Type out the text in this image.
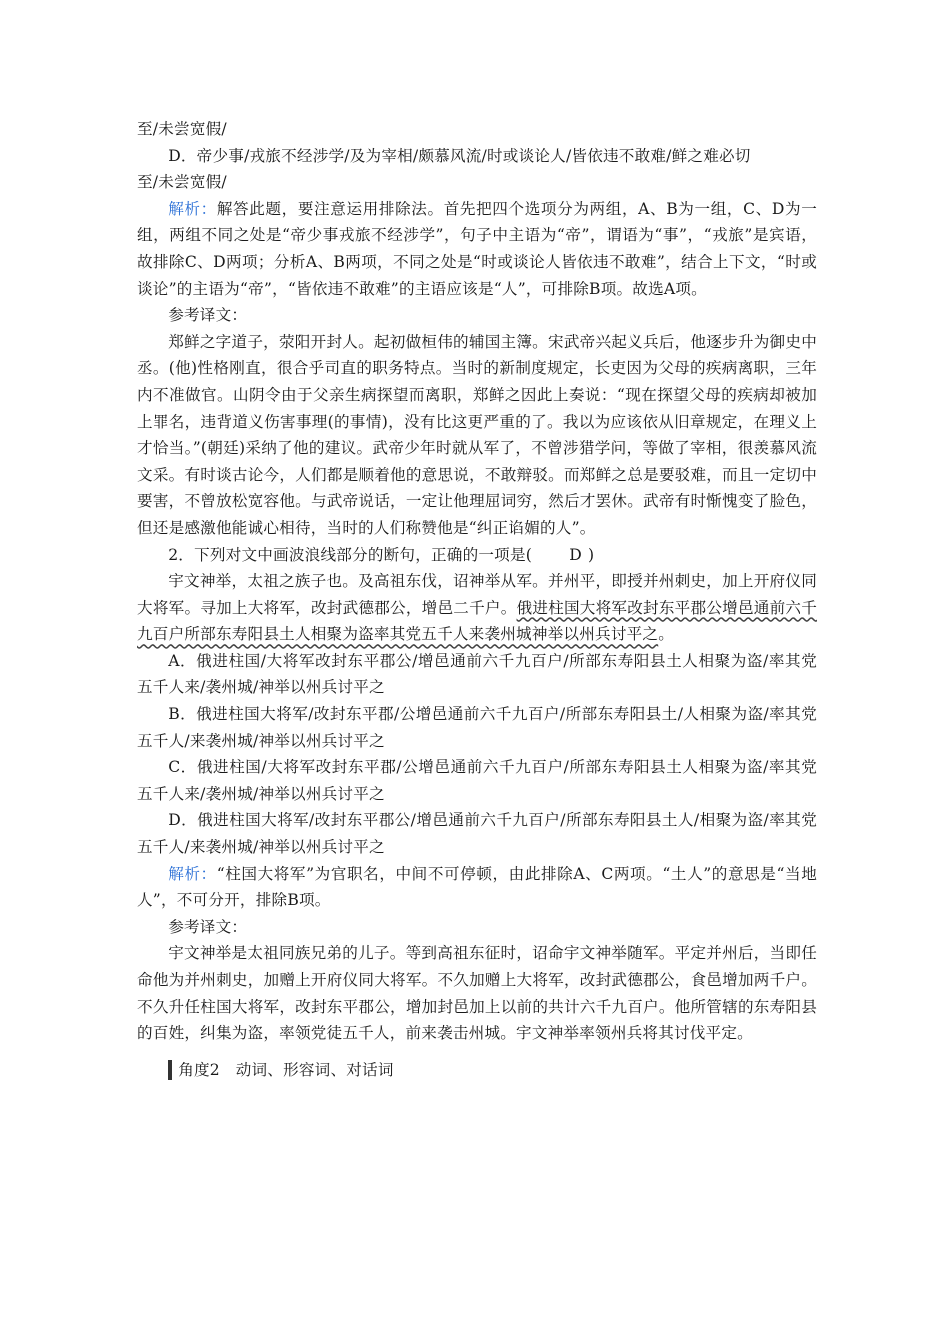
至/未尝宽假/

D．帝少事/戎旅不经涉学/及为宰相/颇慕风流/时或谈论人/皆依违不敢难/鲜之难必切

至/未尝宽假/

解析：解答此题，要注意运用排除法。首先把四个选项分为两组，A、B为一组，C、D为一组，两组不同之处是“帝少事戎旅不经涉学”，句子中主语为“帝”，谓语为“事”，“戎旅”是宾语，故排除C、D两项；分析A、B两项，不同之处是“时或谈论人皆依违不敢难”，结合上下文，“时或谈论”的主语为“帝”，“皆依违不敢难”的主语应该是“人”，可排除B项。故选A项。

参考译文：

郑鲜之字道子，荥阳开封人。起初做桓伟的辅国主簿。宋武帝兴起义兵后，他逐步升为御史中丞。(他)性格刚直，很合乎司直的职务特点。当时的新制度规定，长吏因为父母的疾病离职，三年内不准做官。山阴令由于父亲生病探望而离职，郑鲜之因此上奏说：“现在探望父母的疾病却被加上罪名，违背道义伤害事理(的事情)，没有比这更严重的了。我以为应该依从旧章规定，在理义上才恰当。”(朝廷)采纳了他的建议。武帝少年时就从军了，不曾涉猎学问，等做了宰相，很羡慕风流文采。有时谈古论今，人们都是顺着他的意思说，不敢辩驳。而郑鲜之总是要驳难，而且一定切中要害，不曾放松宽容他。与武帝说话，一定让他理屈词穷，然后才罢休。武帝有时惭愧变了脸色，但还是感激他能诚心相待，当时的人们称赞他是“纠正谄媚的人”。

2．下列对文中画波浪线部分的断句，正确的一项是( D )

宇文神举，太祖之族子也。及高祖东伐，诏神举从军。并州平，即授并州刺史，加上开府仪同大将军。寻加上大将军，改封武德郡公，增邑二千户。俄进柱国大将军改封东平郡公增邑通前六千九百户所部东寿阳县土人相聚为盗率其党五千人来袭州城神举以州兵讨平之。

A．俄进柱国/大将军改封东平郡公/增邑通前六千九百户/所部东寿阳县土人相聚为盗/率其党五千人来/袭州城/神举以州兵讨平之

B．俄进柱国大将军/改封东平郡/公增邑通前六千九百户/所部东寿阳县土/人相聚为盗/率其党五千人/来袭州城/神举以州兵讨平之

C．俄进柱国/大将军改封东平郡/公增邑通前六千九百户/所部东寿阳县土人相聚为盗/率其党五千人来/袭州城/神举以州兵讨平之

D．俄进柱国大将军/改封东平郡公/增邑通前六千九百户/所部东寿阳县土人/相聚为盗/率其党五千人/来袭州城/神举以州兵讨平之

解析：“柱国大将军”为官职名，中间不可停顿，由此排除A、C两项。“土人”的意思是“当地人”，不可分开，排除B项。

参考译文：

宇文神举是太祖同族兄弟的儿子。等到高祖东征时，诏命宇文神举随军。平定并州后，当即任命他为并州刺史，加赠上开府仪同大将军。不久加赠上大将军，改封武德郡公，食邑增加两千户。不久升任柱国大将军，改封东平郡公，增加封邑加上以前的共计六千九百户。他所管辖的东寿阳县的百姓，纠集为盗，率领党徒五千人，前来袭击州城。宇文神举率领州兵将其讨伐平定。

角度2　动词、形容词、对话词
